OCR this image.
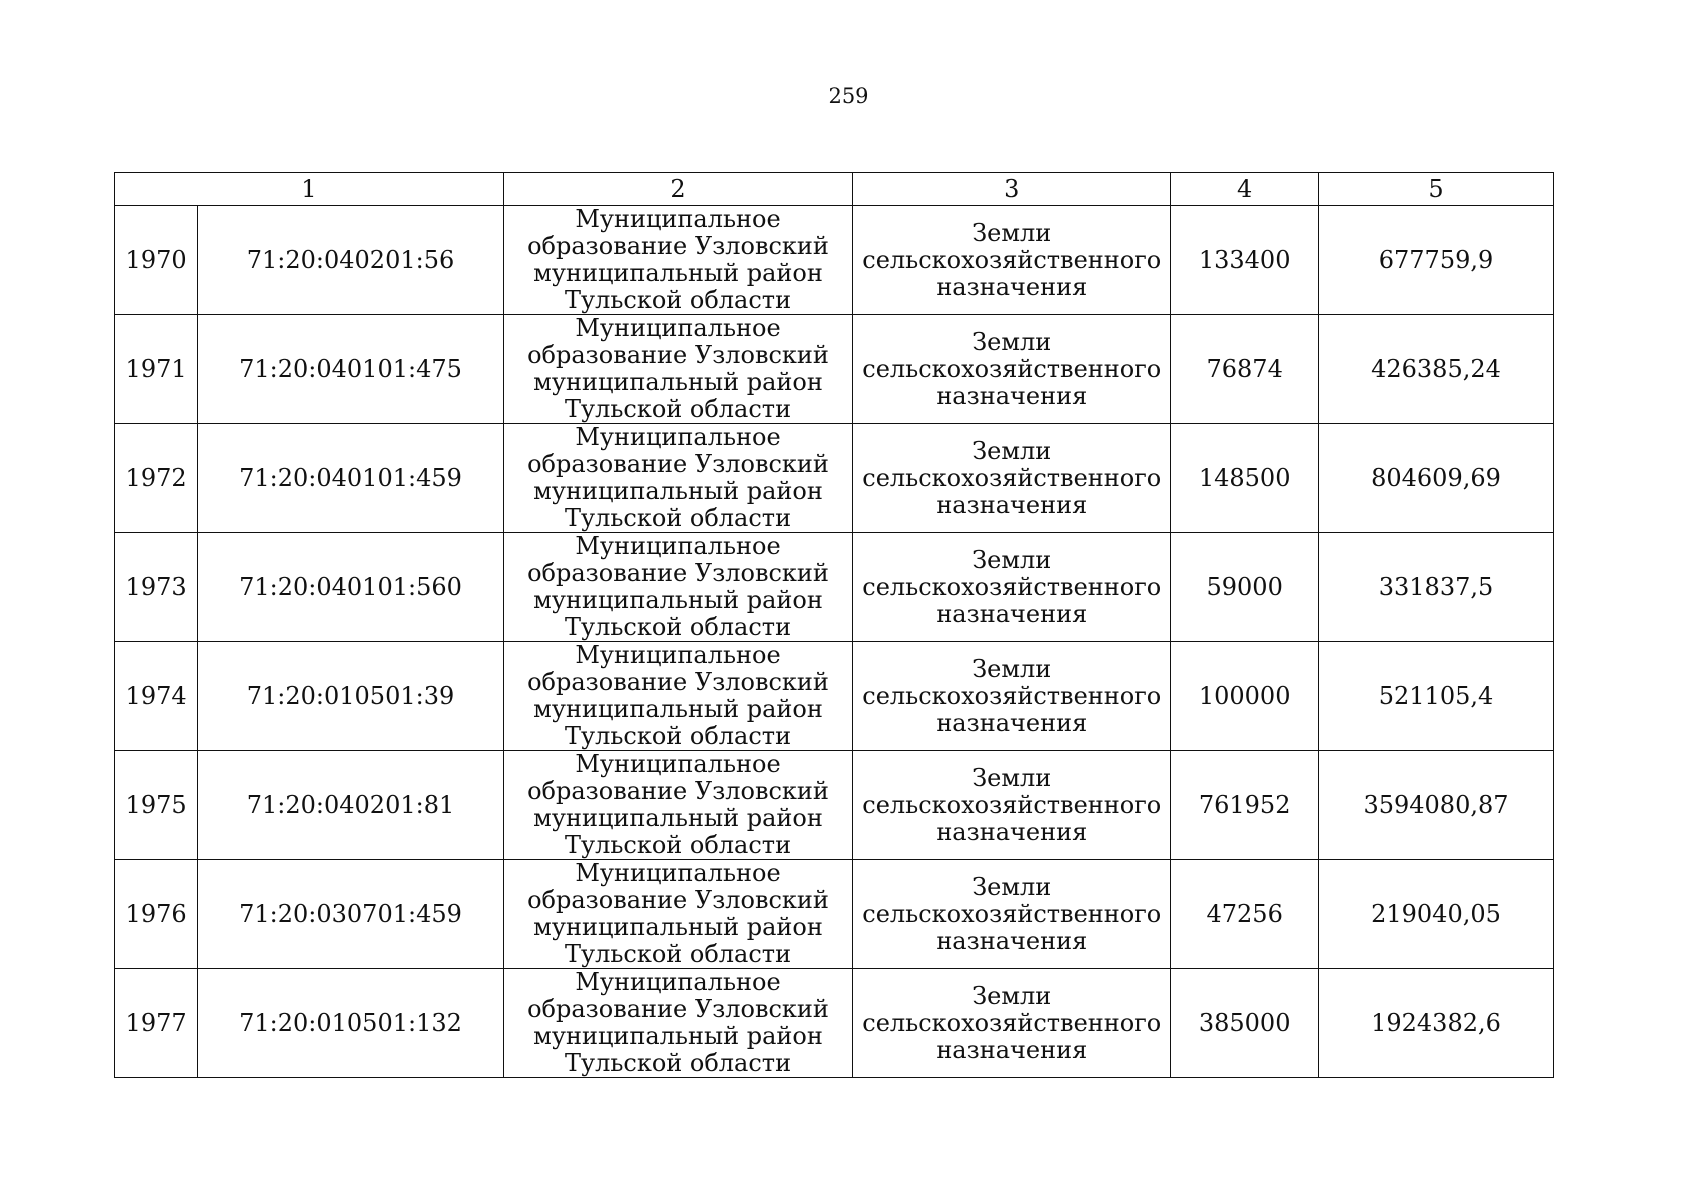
259
1		2	3	4	5
1970	71:20:040201:56	Муниципальное образование Узловский муниципальный район Тульской области	Земли сельскохозяйственного назначения	133400	677759,9
1971	71:20:040101:475	Муниципальное образование Узловский муниципальный район Тульской области	Земли сельскохозяйственного назначения	76874	426385,24
1972	71:20:040101:459	Муниципальное образование Узловский муниципальный район Тульской области	Земли сельскохозяйственного назначения	148500	804609,69
1973	71:20:040101:560	Муниципальное образование Узловский муниципальный район Тульской области	Земли сельскохозяйственного назначения	59000	331837,5
1974	71:20:010501:39	Муниципальное образование Узловский муниципальный район Тульской области	Земли сельскохозяйственного назначения	100000	521105,4
1975	71:20:040201:81	Муниципальное образование Узловский муниципальный район Тульской области	Земли сельскохозяйственного назначения	761952	3594080,87
1976	71:20:030701:459	Муниципальное образование Узловский муниципальный район Тульской области	Земли сельскохозяйственного назначения	47256	219040,05
1977	71:20:010501:132	Муниципальное образование Узловский муниципальный район Тульской области	Земли сельскохозяйственного назначения	385000	1924382,6
